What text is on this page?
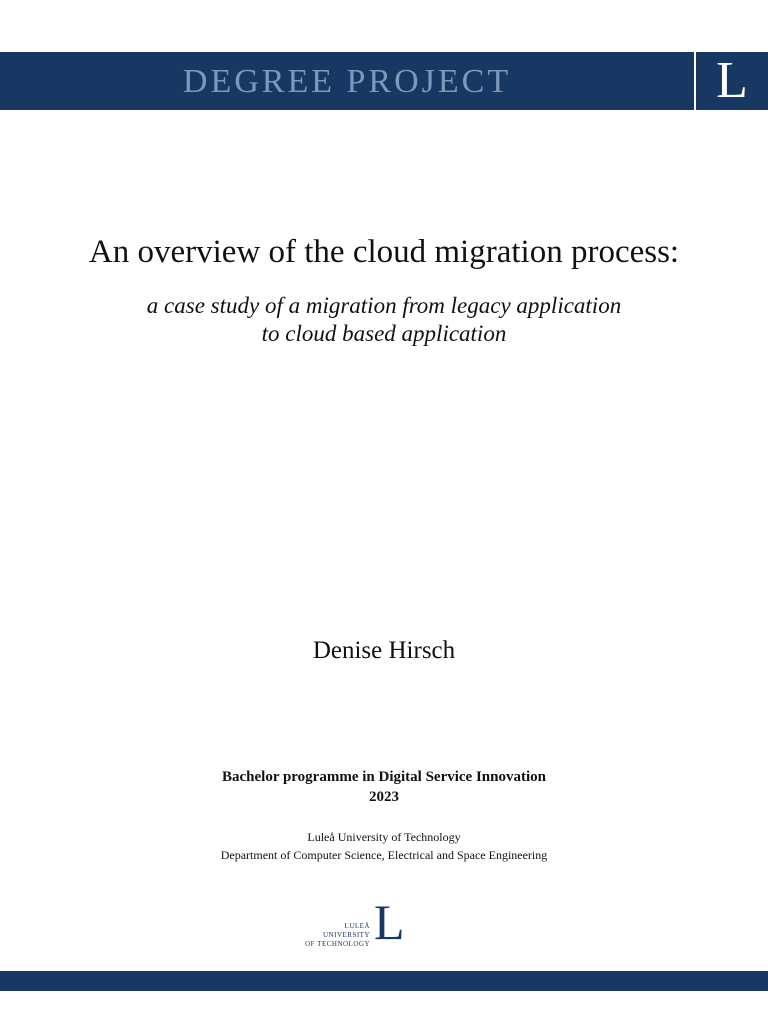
DEGREE PROJECT	L
An overview of the cloud migration process:
a case study of a migration from legacy application
to cloud based application
Denise Hirsch
Bachelor programme in Digital Service Innovation
2023
Luleå University of Technology
Department of Computer Science, Electrical and Space Engineering
LULEÅ
UNIVERSITY
OF TECHNOLOGY L
